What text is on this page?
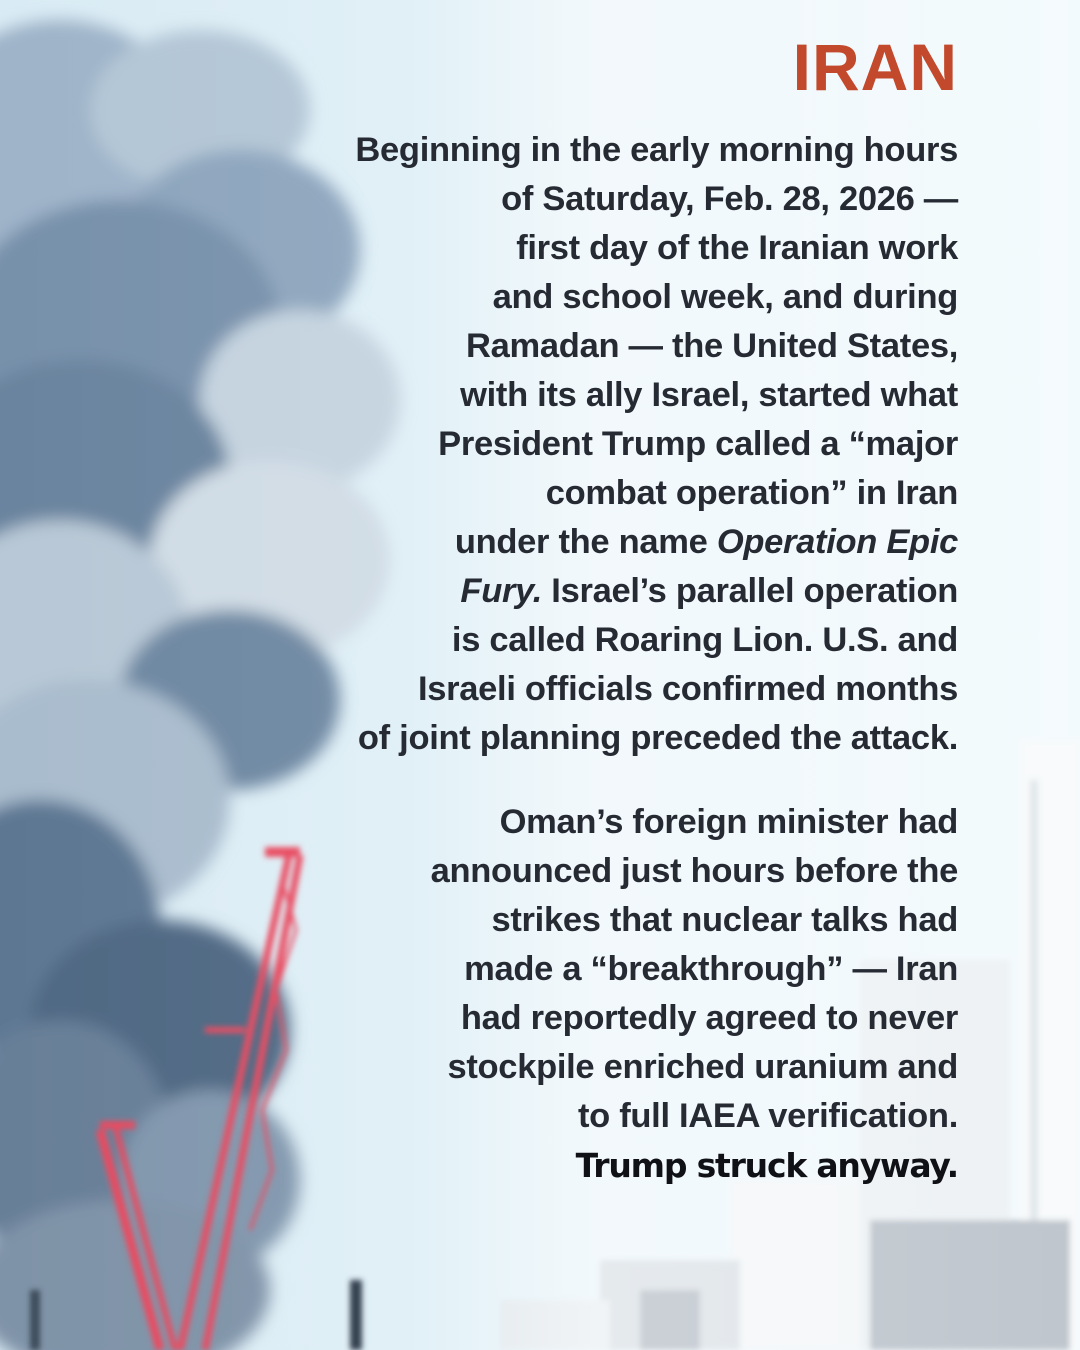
IRAN

Beginning in the early morning hours
of Saturday, Feb. 28, 2026 —
first day of the Iranian work
and school week, and during
Ramadan — the United States,
with its ally Israel, started what
President Trump called a “major
combat operation” in Iran
under the name Operation Epic
Fury. Israel’s parallel operation
is called Roaring Lion. U.S. and
Israeli officials confirmed months
of joint planning preceded the attack.

Oman’s foreign minister had
announced just hours before the
strikes that nuclear talks had
made a “breakthrough” — Iran
had reportedly agreed to never
stockpile enriched uranium and
to full IAEA verification.
Trump struck anyway.
